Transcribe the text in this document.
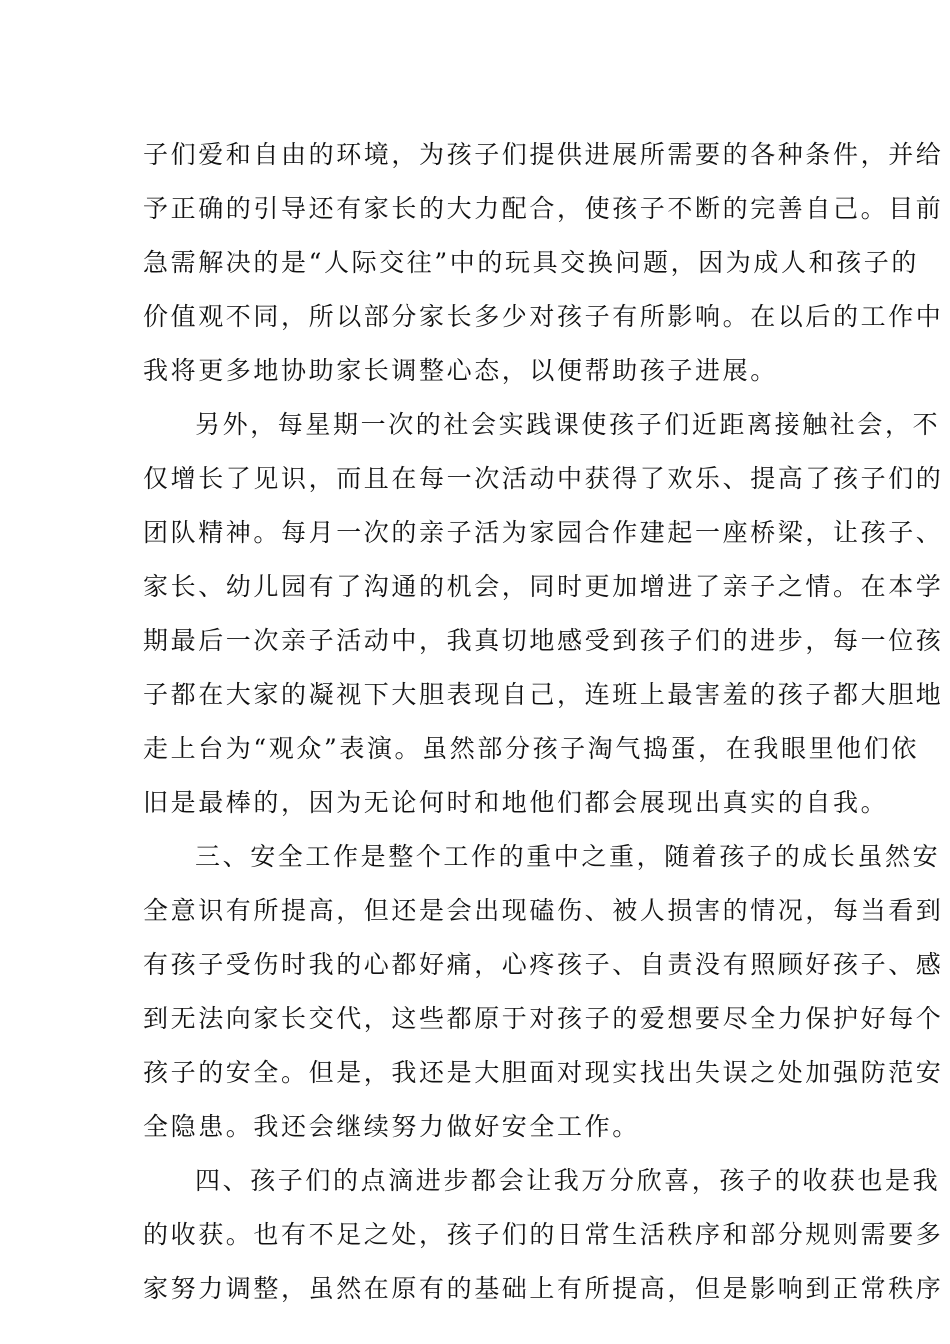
子们爱和自由的环境，为孩子们提供进展所需要的各种条件，并给
予正确的引导还有家长的大力配合，使孩子不断的完善自己。目前
急需解决的是“人际交往”中的玩具交换问题，因为成人和孩子的
价值观不同，所以部分家长多少对孩子有所影响。在以后的工作中
我将更多地协助家长调整心态，以便帮助孩子进展。
另外，每星期一次的社会实践课使孩子们近距离接触社会，不
仅增长了见识，而且在每一次活动中获得了欢乐、提高了孩子们的
团队精神。每月一次的亲子活为家园合作建起一座桥梁，让孩子、
家长、幼儿园有了沟通的机会，同时更加增进了亲子之情。在本学
期最后一次亲子活动中，我真切地感受到孩子们的进步，每一位孩
子都在大家的凝视下大胆表现自己，连班上最害羞的孩子都大胆地
走上台为“观众”表演。虽然部分孩子淘气捣蛋，在我眼里他们依
旧是最棒的，因为无论何时和地他们都会展现出真实的自我。
三、安全工作是整个工作的重中之重，随着孩子的成长虽然安
全意识有所提高，但还是会出现磕伤、被人损害的情况，每当看到
有孩子受伤时我的心都好痛，心疼孩子、自责没有照顾好孩子、感
到无法向家长交代，这些都原于对孩子的爱想要尽全力保护好每个
孩子的安全。但是，我还是大胆面对现实找出失误之处加强防范安
全隐患。我还会继续努力做好安全工作。
四、孩子们的点滴进步都会让我万分欣喜，孩子的收获也是我
的收获。也有不足之处，孩子们的日常生活秩序和部分规则需要多
家努力调整，虽然在原有的基础上有所提高，但是影响到正常秩序
